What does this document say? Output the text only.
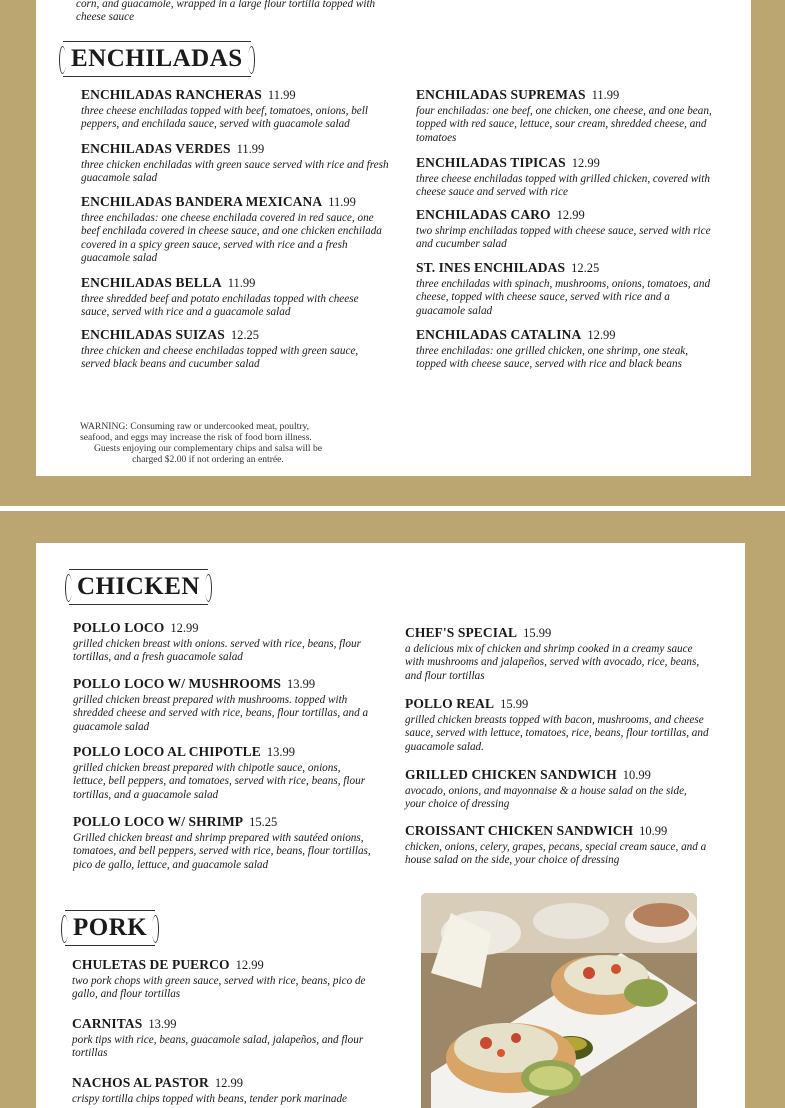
corn, and guacamole, wrapped in a large flour tortilla topped with cheese sauce
ENCHILADAS
ENCHILADAS RANCHERAS 11.99
three cheese enchiladas topped with beef, tomatoes, onions, bell peppers, and enchilada sauce, served with guacamole salad
ENCHILADAS VERDES 11.99
three chicken enchiladas with green sauce served with rice and fresh guacamole salad
ENCHILADAS BANDERA MEXICANA 11.99
three enchiladas: one cheese enchilada covered in red sauce, one beef enchilada covered in cheese sauce, and one chicken enchilada covered in a spicy green sauce, served with rice and a fresh guacamole salad
ENCHILADAS BELLA 11.99
three shredded beef and potato enchiladas topped with cheese sauce, served with rice and a guacamole salad
ENCHILADAS SUIZAS 12.25
three chicken and cheese enchiladas topped with green sauce, served black beans and cucumber salad
ENCHILADAS SUPREMAS 11.99
four enchiladas: one beef, one chicken, one cheese, and one bean, topped with red sauce, lettuce, sour cream, shredded cheese, and tomatoes
ENCHILADAS TIPICAS 12.99
three cheese enchiladas topped with grilled chicken, covered with cheese sauce and served with rice
ENCHILADAS CARO 12.99
two shrimp enchiladas topped with cheese sauce, served with rice and cucumber salad
ST. INES ENCHILADAS 12.25
three enchiladas with spinach, mushrooms, onions, tomatoes, and cheese, topped with cheese sauce, served with rice and a guacamole salad
ENCHILADAS CATALINA 12.99
three enchiladas: one grilled chicken, one shrimp, one steak, topped with cheese sauce, served with rice and black beans
WARNING: Consuming raw or undercooked meat, poultry, seafood, and eggs may increase the risk of food born illness.
Guests enjoying our complementary chips and salsa will be charged $2.00 if not ordering an entrée.
CHICKEN
POLLO LOCO 12.99
grilled chicken breast with onions. served with rice, beans, flour tortillas, and a fresh guacamole salad
POLLO LOCO W/ MUSHROOMS 13.99
grilled chicken breast prepared with mushrooms. topped with shredded cheese and served with rice, beans, flour tortillas, and a guacamole salad
POLLO LOCO AL CHIPOTLE 13.99
grilled chicken breast prepared with chipotle sauce, onions, lettuce, bell peppers, and tomatoes, served with rice, beans, flour tortillas, and a guacamole salad
POLLO LOCO W/ SHRIMP 15.25
Grilled chicken breast and shrimp prepared with sautéed onions, tomatoes, and bell peppers, served with rice, beans, flour tortillas, pico de gallo, lettuce, and guacamole salad
CHEF'S SPECIAL 15.99
a delicious mix of chicken and shrimp cooked in a creamy sauce with mushrooms and jalapeños, served with avocado, rice, beans, and flour tortillas
POLLO REAL 15.99
grilled chicken breasts topped with bacon, mushrooms, and cheese sauce, served with lettuce, tomatoes, rice, beans, flour tortillas, and guacamole salad.
GRILLED CHICKEN SANDWICH 10.99
avocado, onions, and mayonnaise & a house salad on the side, your choice of dressing
CROISSANT CHICKEN SANDWICH 10.99
chicken, onions, celery, grapes, pecans, special cream sauce, and a house salad on the side, your choice of dressing
PORK
CHULETAS DE PUERCO 12.99
two pork chops with green sauce, served with rice, beans, pico de gallo, and flour tortillas
CARNITAS 13.99
pork tips with rice, beans, guacamole salad, jalapeños, and flour tortillas
NACHOS AL PASTOR 12.99
crispy tortilla chips topped with beans, tender pork marinade
